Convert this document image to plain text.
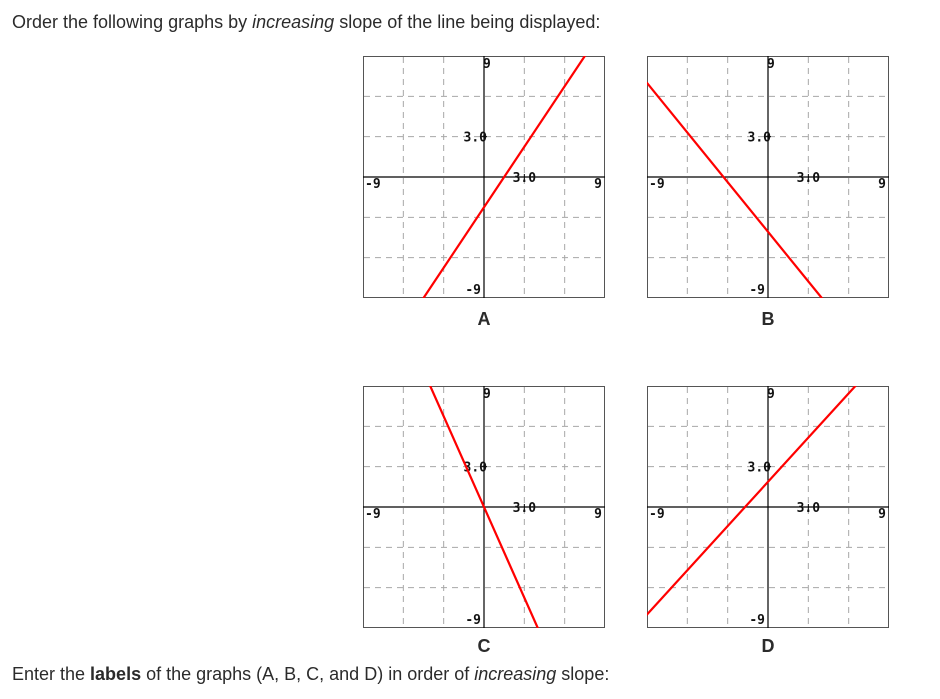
Order the following graphs by increasing slope of the line being displayed:

9
-9
-9	9
3.0
3.0
A
9
-9
-9	9
3.0
3.0
B
9
-9
-9	9
3.0
3.0
C
9
-9
-9	9
3.0
3.0
D

Enter the labels of the graphs (A, B, C, and D) in order of increasing slope:
